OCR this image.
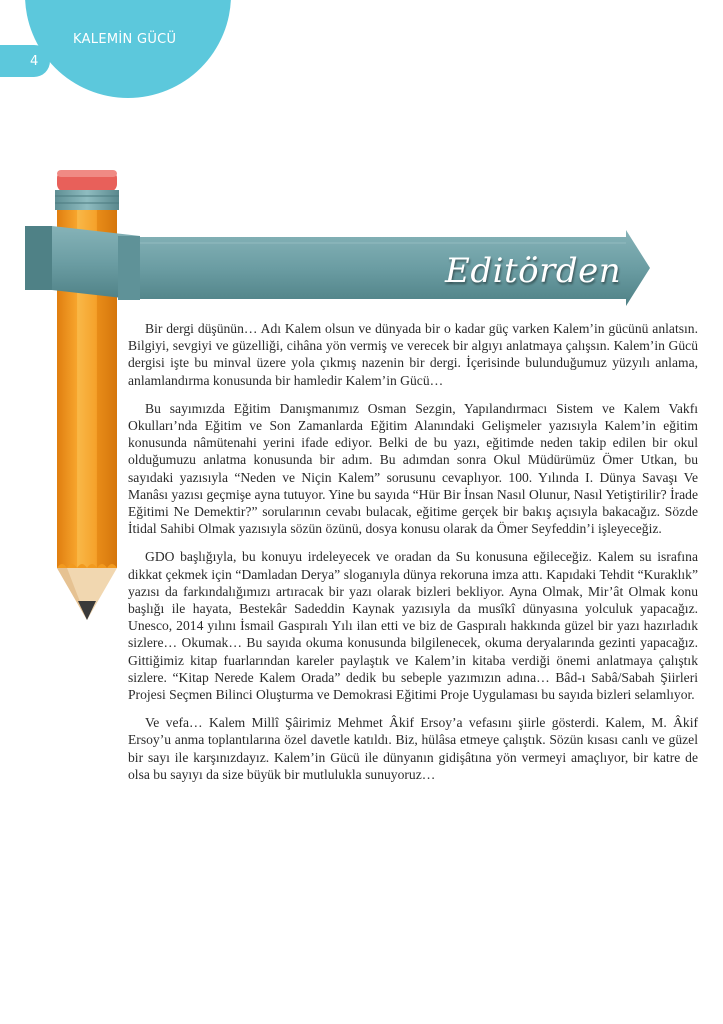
KALEMİN GÜCÜ
4
Editörden

Bir dergi düşünün… Adı Kalem olsun ve dünyada bir o kadar güç varken Kalem’in gücünü anlatsın. Bilgiyi, sevgiyi ve güzelliği, cihâna yön vermiş ve verecek bir algıyı anlatmaya çalışsın. Kalem’in Gücü dergisi işte bu minval üzere yola çıkmış nazenin bir dergi. İçerisinde bulunduğumuz yüzyılı anlama, anlamlandırma konusunda bir hamledir Kalem’in Gücü…

Bu sayımızda Eğitim Danışmanımız Osman Sezgin, Yapılandırmacı Sistem ve Kalem Vakfı Okulları’nda Eğitim ve Son Zamanlarda Eğitim Alanındaki Gelişmeler yazısıyla Kalem’in eğitim konusunda nâmütenahi yerini ifade ediyor. Belki de bu yazı, eğitimde neden takip edilen bir okul olduğumuzu anlatma konusunda bir adım. Bu adımdan sonra Okul Müdürümüz Ömer Utkan, bu sayıdaki yazısıyla “Neden ve Niçin Kalem” sorusunu cevaplıyor. 100. Yılında I. Dünya Savaşı Ve Manâsı yazısı geçmişe ayna tutuyor. Yine bu sayıda “Hür Bir İnsan Nasıl Olunur, Nasıl Yetiştirilir? İrade Eğitimi Ne Demektir?” sorularının cevabı bulacak, eğitime gerçek bir bakış açısıyla bakacağız. Sözde İtidal Sahibi Olmak yazısıyla sözün özünü, dosya konusu olarak da Ömer Seyfeddin’i işleyeceğiz.

GDO başlığıyla, bu konuyu irdeleyecek ve oradan da Su konusuna eğileceğiz. Kalem su israfına dikkat çekmek için “Damladan Derya” sloganıyla dünya rekoruna imza attı. Kapıdaki Tehdit “Kuraklık” yazısı da farkındalığımızı artıracak bir yazı olarak bizleri bekliyor. Ayna Olmak, Mir’ât Olmak konu başlığı ile hayata, Bestekâr Sadeddin Kaynak yazısıyla da musîkî dünyasına yolculuk yapacağız. Unesco, 2014 yılını İsmail Gaspıralı Yılı ilan etti ve biz de Gaspıralı hakkında güzel bir yazı hazırladık sizlere… Okumak… Bu sayıda okuma konusunda bilgilenecek, okuma deryalarında gezinti yapacağız. Gittiğimiz kitap fuarlarından kareler paylaştık ve Kalem’in kitaba verdiği önemi anlatmaya çalıştık sizlere. “Kitap Nerede Kalem Orada” dedik bu sebeple yazımızın adına… Bâd-ı Sabâ/Sabah Şiirleri Projesi Seçmen Bilinci Oluşturma ve Demokrasi Eğitimi Proje Uygulaması bu sayıda bizleri selamlıyor.

Ve vefa… Kalem Millî Şâirimiz Mehmet Âkif Ersoy’a vefasını şiirle gösterdi. Kalem, M. Âkif Ersoy’u anma toplantılarına özel davetle katıldı. Biz, hülâsa etmeye çalıştık. Sözün kısası canlı ve güzel bir sayı ile karşınızdayız. Kalem’in Gücü ile dünyanın gidişâtına yön vermeyi amaçlıyor, bir katre de olsa bu sayıyı da size büyük bir mutlulukla sunuyoruz…
